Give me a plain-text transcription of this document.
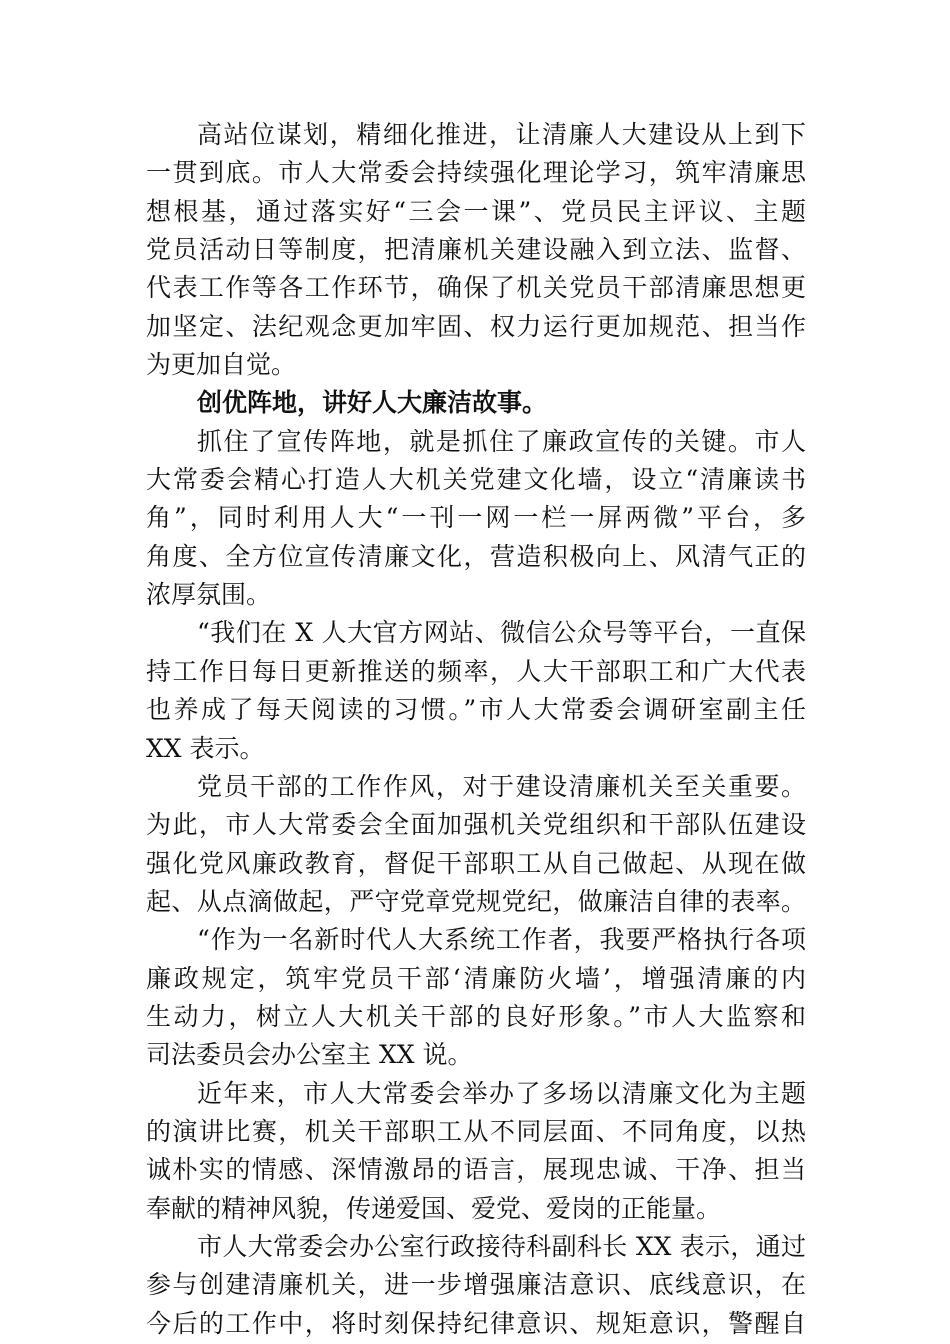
高站位谋划，精细化推进，让清廉人大建设从上到下
一贯到底。市人大常委会持续强化理论学习，筑牢清廉思
想根基，通过落实好“三会一课”、党员民主评议、主题
党员活动日等制度，把清廉机关建设融入到立法、监督、
代表工作等各工作环节，确保了机关党员干部清廉思想更
加坚定、法纪观念更加牢固、权力运行更加规范、担当作
为更加自觉。
创优阵地，讲好人大廉洁故事。
抓住了宣传阵地，就是抓住了廉政宣传的关键。市人
大常委会精心打造人大机关党建文化墙，设立“清廉读书
角”，同时利用人大“一刊一网一栏一屏两微”平台，多
角度、全方位宣传清廉文化，营造积极向上、风清气正的
浓厚氛围。
“我们在 X 人大官方网站、微信公众号等平台，一直保
持工作日每日更新推送的频率，人大干部职工和广大代表
也养成了每天阅读的习惯。”市人大常委会调研室副主任
XX 表示。
党员干部的工作作风，对于建设清廉机关至关重要。
为此，市人大常委会全面加强机关党组织和干部队伍建设
强化党风廉政教育，督促干部职工从自己做起、从现在做
起、从点滴做起，严守党章党规党纪，做廉洁自律的表率。
“作为一名新时代人大系统工作者，我要严格执行各项
廉政规定，筑牢党员干部‘清廉防火墙’，增强清廉的内
生动力，树立人大机关干部的良好形象。”市人大监察和
司法委员会办公室主 XX 说。
近年来，市人大常委会举办了多场以清廉文化为主题
的演讲比赛，机关干部职工从不同层面、不同角度，以热
诚朴实的情感、深情激昂的语言，展现忠诚、干净、担当
奉献的精神风貌，传递爱国、爱党、爱岗的正能量。
市人大常委会办公室行政接待科副科长 XX 表示，通过
参与创建清廉机关，进一步增强廉洁意识、底线意识，在
今后的工作中，将时刻保持纪律意识、规矩意识，警醒自
